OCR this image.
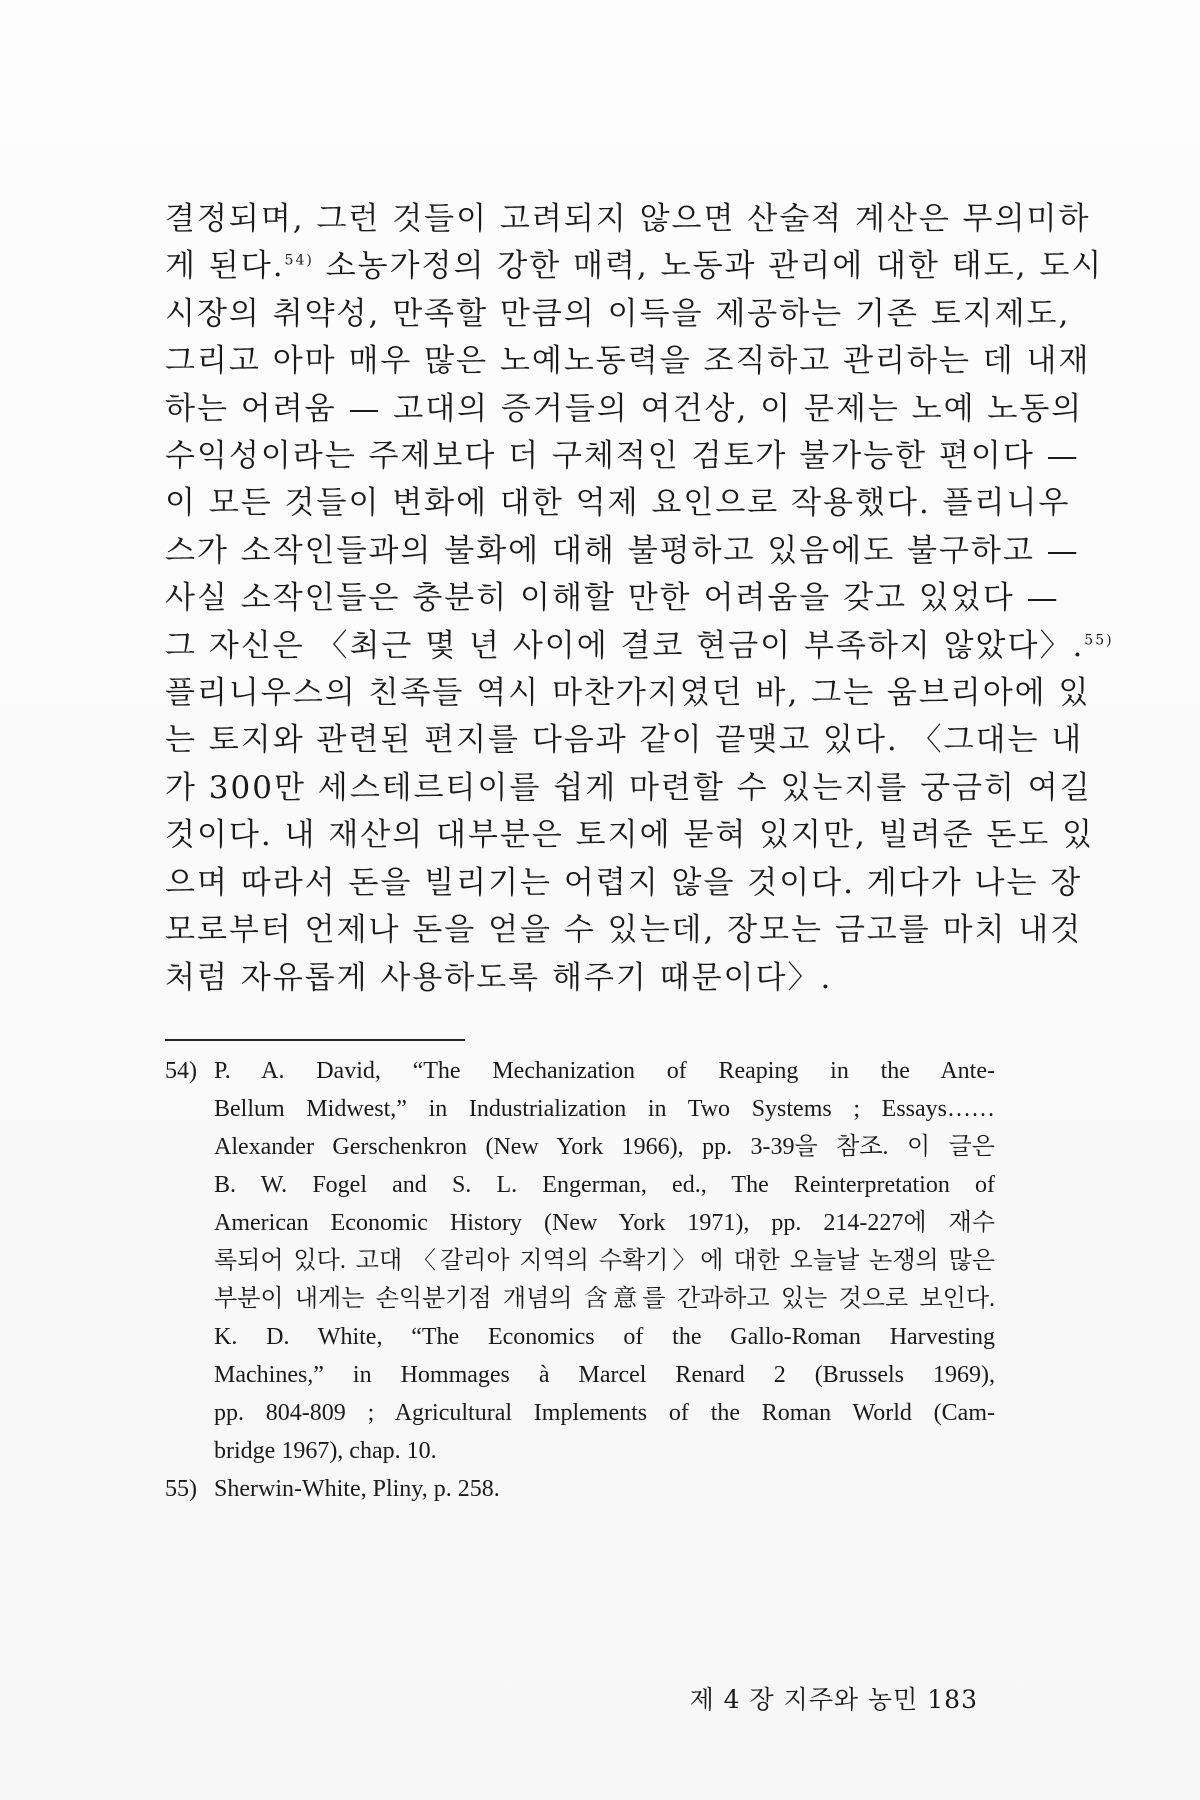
결정되며, 그런 것들이 고려되지 않으면 산술적 계산은 무의미하
게 된다.$^{54)}$ 소농가정의 강한 매력, 노동과 관리에 대한 태도, 도시
시장의 취약성, 만족할 만큼의 이득을 제공하는 기존 토지제도,
그리고 아마 매우 많은 노예노동력을 조직하고 관리하는 데 내재
하는 어려움 — 고대의 증거들의 여건상, 이 문제는 노예 노동의
수익성이라는 주제보다 더 구체적인 검토가 불가능한 편이다 —
이 모든 것들이 변화에 대한 억제 요인으로 작용했다. 플리니우
스가 소작인들과의 불화에 대해 불평하고 있음에도 불구하고 —
사실 소작인들은 충분히 이해할 만한 어려움을 갖고 있었다 —
그 자신은 〈최근 몇 년 사이에 결코 현금이 부족하지 않았다〉.$^{55)}$
플리니우스의 친족들 역시 마찬가지였던 바, 그는 움브리아에 있
는 토지와 관련된 편지를 다음과 같이 끝맺고 있다. 〈그대는 내
가 300만 세스테르티이를 쉽게 마련할 수 있는지를 궁금히 여길
것이다. 내 재산의 대부분은 토지에 묻혀 있지만, 빌려준 돈도 있
으며 따라서 돈을 빌리기는 어렵지 않을 것이다. 게다가 나는 장
모로부터 언제나 돈을 얻을 수 있는데, 장모는 금고를 마치 내것
처럼 자유롭게 사용하도록 해주기 때문이다〉.
54) P. A. David, “The Mechanization of Reaping in the Ante-
Bellum Midwest,” in Industrialization in Two Systems ; Essays……
Alexander Gerschenkron (New York 1966), pp. 3-39을 참조. 이 글은
B. W. Fogel and S. L. Engerman, ed., The Reinterpretation of
American Economic History (New York 1971), pp. 214-227에 재수
록되어 있다. 고대 〈갈리아 지역의 수확기〉에 대한 오늘날 논쟁의 많은
부분이 내게는 손익분기점 개념의 含意를 간과하고 있는 것으로 보인다.
K. D. White, “The Economics of the Gallo-Roman Harvesting
Machines,” in Hommages à Marcel Renard 2 (Brussels 1969),
pp. 804-809 ; Agricultural Implements of the Roman World (Cam-
bridge 1967), chap. 10.
55) Sherwin-White, Pliny, p. 258.
제 4 장 지주와 농민 183
